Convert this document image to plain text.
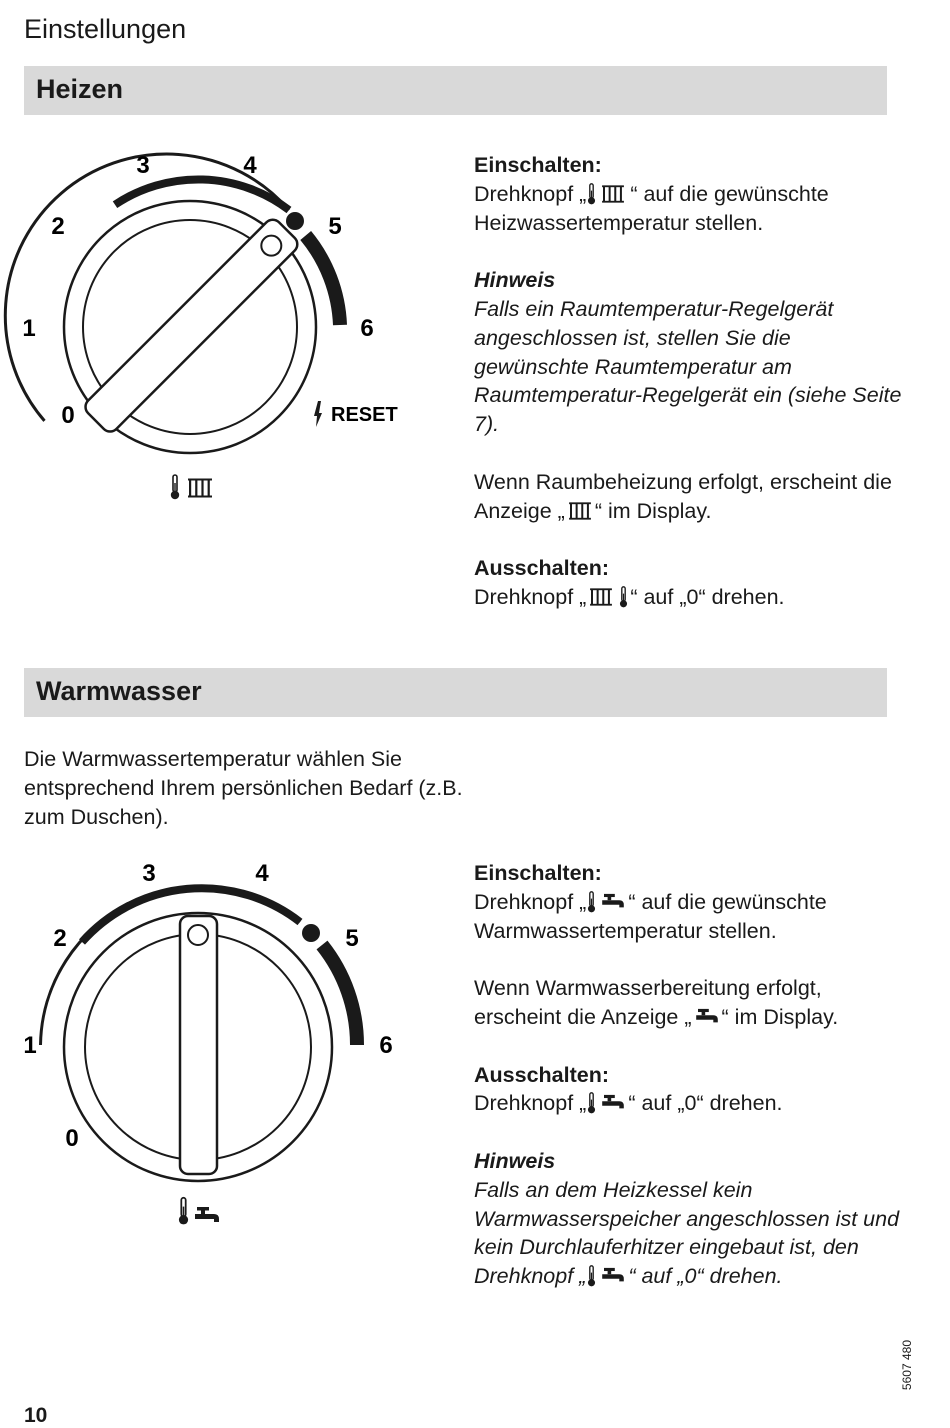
Einstellungen
Heizen
0
1
2
3	4
5
6
RESET

Einschalten:
Drehknopf „ “ auf die gewünschte Heizwassertemperatur stellen.

Hinweis
Falls ein Raumtemperatur-Regelgerät angeschlossen ist, stellen Sie die gewünschte Raumtemperatur am Raumtemperatur-Regelgerät ein (siehe Seite 7).

Wenn Raumbeheizung erfolgt, erscheint die Anzeige „ “ im Display.

Ausschalten:
Drehknopf „ “ auf „0“ drehen.

Warmwasser
Die Warmwassertemperatur wählen Sie entsprechend Ihrem persönlichen Bedarf (z.B. zum Duschen).
0
1
2
3	4
5
6

Einschalten:
Drehknopf „ “ auf die gewünschte Warmwassertemperatur stellen.

Wenn Warmwasserbereitung erfolgt, erscheint die Anzeige „ “ im Display.

Ausschalten:
Drehknopf „ “ auf „0“ drehen.

Hinweis
Falls an dem Heizkessel kein Warmwasserspeicher angeschlossen ist und kein Durchlauferhitzer eingebaut ist, den Drehknopf „ “ auf „0“ drehen.

5607 480
10
